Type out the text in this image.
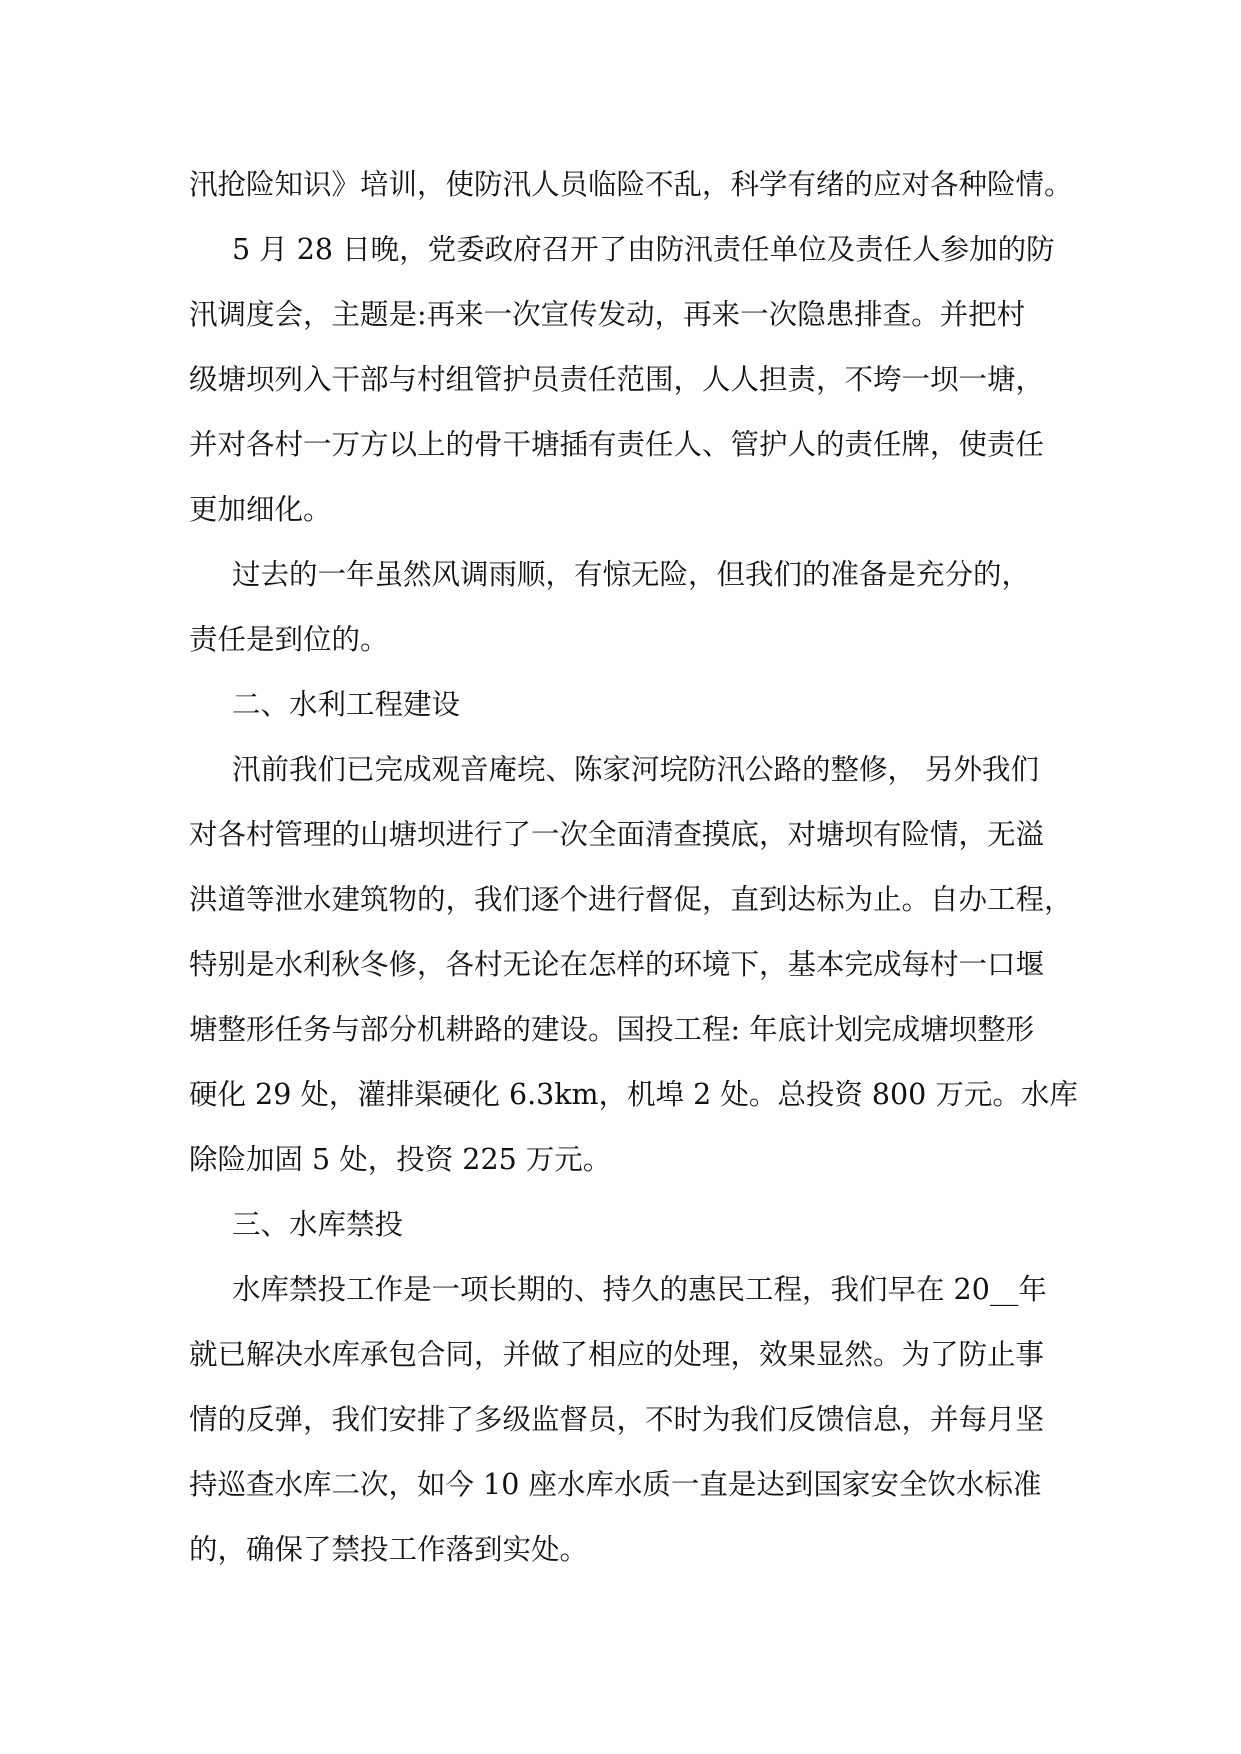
汛抢险知识》培训，使防汛人员临险不乱，科学有绪的应对各种险情。
5 月 28 日晚，党委政府召开了由防汛责任单位及责任人参加的防
汛调度会，主题是:再来一次宣传发动，再来一次隐患排查。并把村
级塘坝列入干部与村组管护员责任范围，人人担责，不垮一坝一塘，
并对各村一万方以上的骨干塘插有责任人、管护人的责任牌，使责任
更加细化。
过去的一年虽然风调雨顺，有惊无险，但我们的准备是充分的，
责任是到位的。
二、水利工程建设
汛前我们已完成观音庵垸、陈家河垸防汛公路的整修， 另外我们
对各村管理的山塘坝进行了一次全面清查摸底，对塘坝有险情，无溢
洪道等泄水建筑物的，我们逐个进行督促，直到达标为止。自办工程，
特别是水利秋冬修，各村无论在怎样的环境下，基本完成每村一口堰
塘整形任务与部分机耕路的建设。国投工程: 年底计划完成塘坝整形
硬化 29 处，灌排渠硬化 6.3km，机埠 2 处。总投资 800 万元。水库
除险加固 5 处，投资 225 万元。
三、水库禁投
水库禁投工作是一项长期的、持久的惠民工程，我们早在 20__年
就已解决水库承包合同，并做了相应的处理，效果显然。为了防止事
情的反弹，我们安排了多级监督员，不时为我们反馈信息，并每月坚
持巡查水库二次，如今 10 座水库水质一直是达到国家安全饮水标准
的，确保了禁投工作落到实处。
